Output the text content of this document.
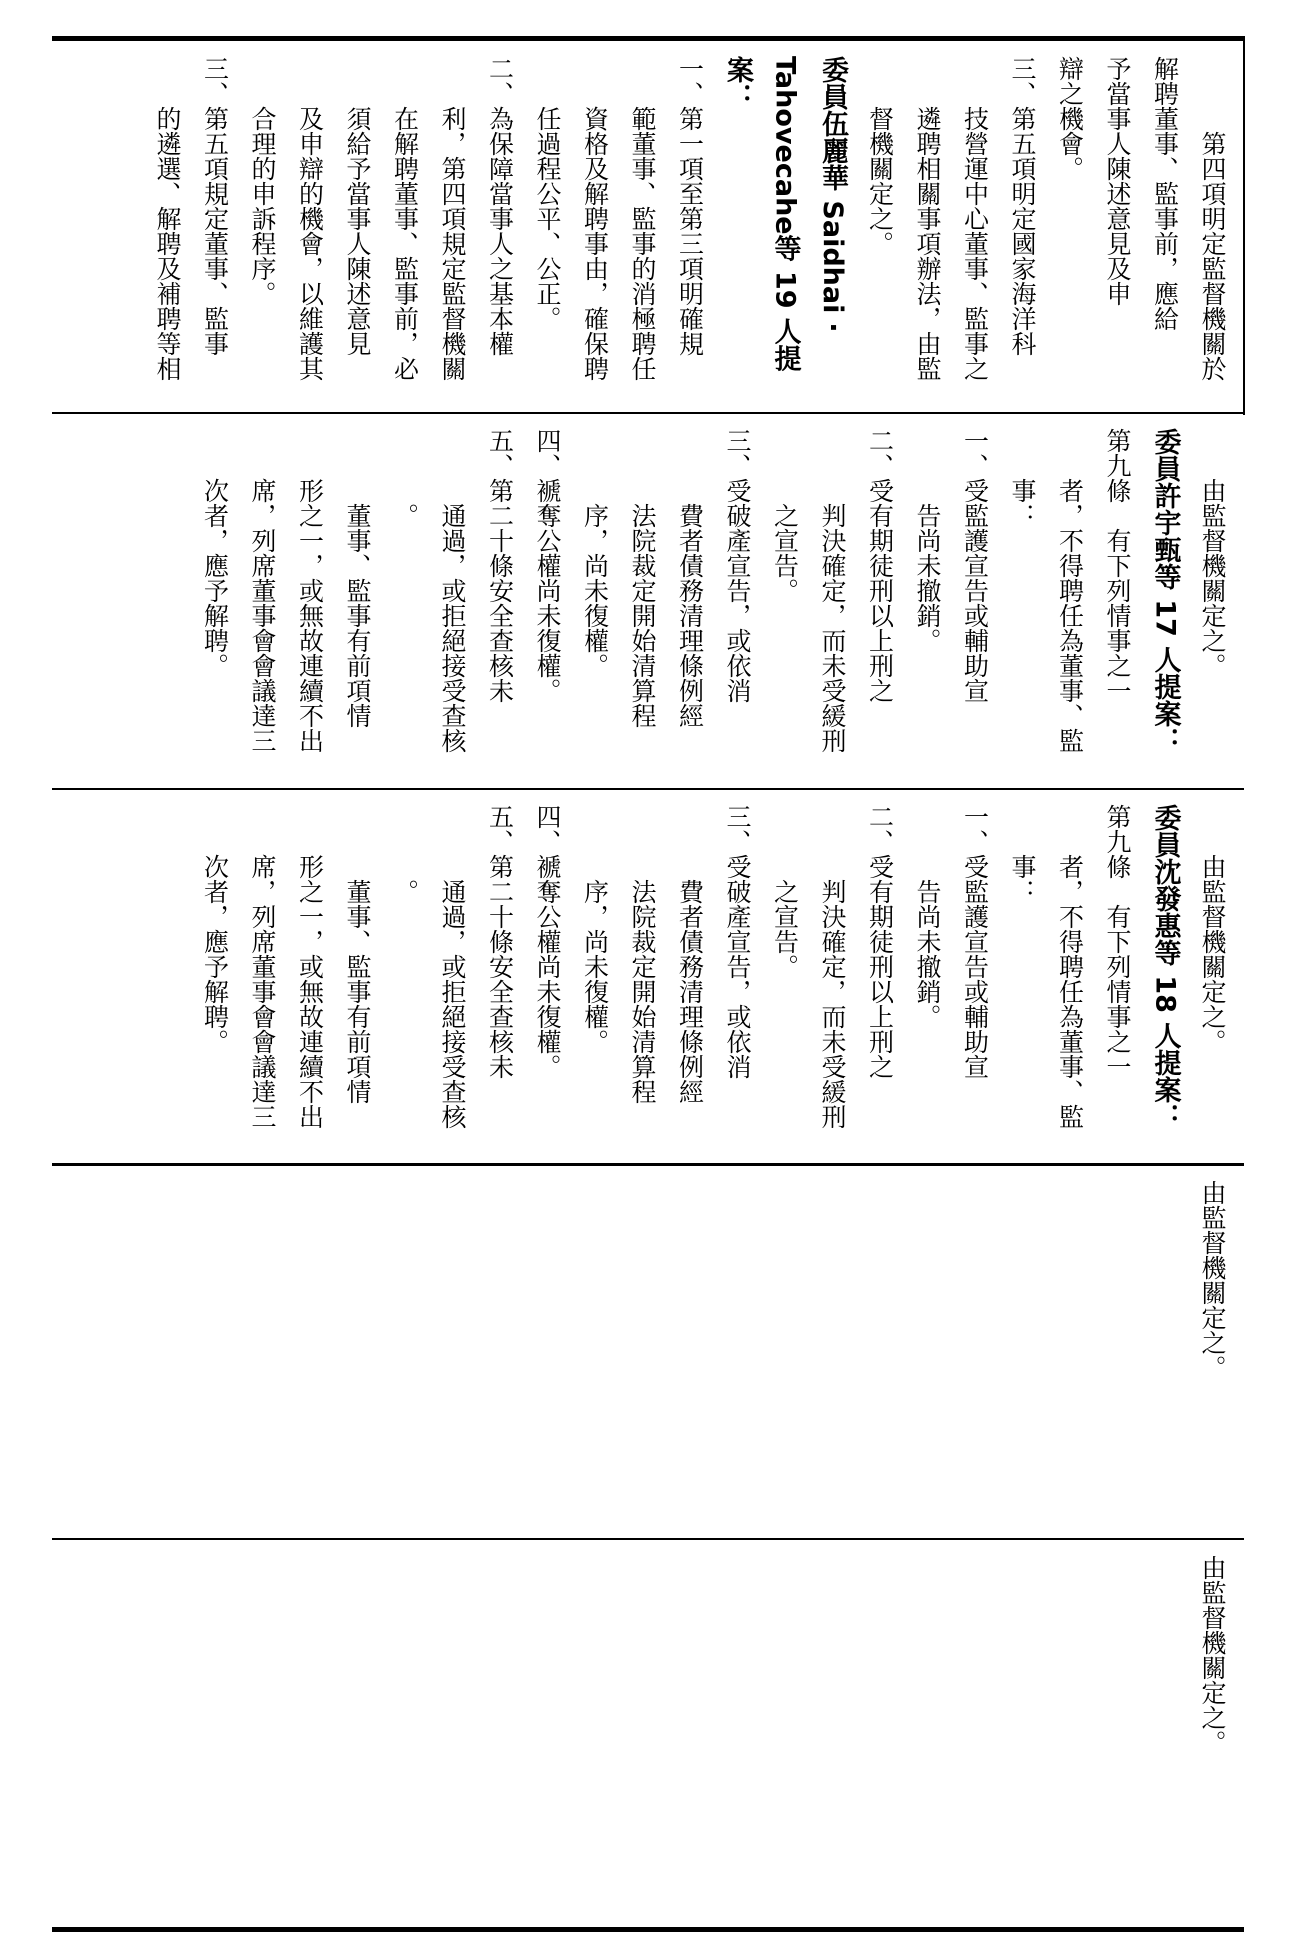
第四項明定監督機關於

解聘董事、監事前，應給

予當事人陳述意見及申

辯之機會。

三、第五項明定國家海洋科

技營運中心董事、監事之

遴聘相關事項辦法，由監

督機關定之。

委員伍麗華 Saidhai ‧

Tahovecahe等 19 人提案：

一、第一項至第三項明確規

範董事、監事的消極聘任

資格及解聘事由，確保聘

任過程公平、公正。

二、為保障當事人之基本權

利，第四項規定監督機關

在解聘董事、監事前，必

須給予當事人陳述意見

及申辯的機會，以維護其

合理的申訴程序。

三、第五項規定董事、監事

的遴選、解聘及補聘等相

由監督機關定之。

委員許宇甄等 17 人提案：

第九條　有下列情事之一

者，不得聘任為董事、監

事：

一、受監護宣告或輔助宣

告尚未撤銷。

二、受有期徒刑以上刑之

判決確定，而未受緩刑

之宣告。

三、受破產宣告，或依消

費者債務清理條例經

法院裁定開始清算程

序，尚未復權。

四、褫奪公權尚未復權。

五、第二十條安全查核未

通過，或拒絕接受查核

。

董事、監事有前項情

形之一，或無故連續不出

席，列席董事會會議達三

次者，應予解聘。

由監督機關定之。

委員沈發惠等 18 人提案：

第九條　有下列情事之一

者，不得聘任為董事、監

事：

一、受監護宣告或輔助宣

告尚未撤銷。

二、受有期徒刑以上刑之

判決確定，而未受緩刑

之宣告。

三、受破產宣告，或依消

費者債務清理條例經

法院裁定開始清算程

序，尚未復權。

四、褫奪公權尚未復權。

五、第二十條安全查核未

通過，或拒絕接受查核

。

董事、監事有前項情

形之一，或無故連續不出

席，列席董事會會議達三

次者，應予解聘。

由監督機關定之。

由監督機關定之。
